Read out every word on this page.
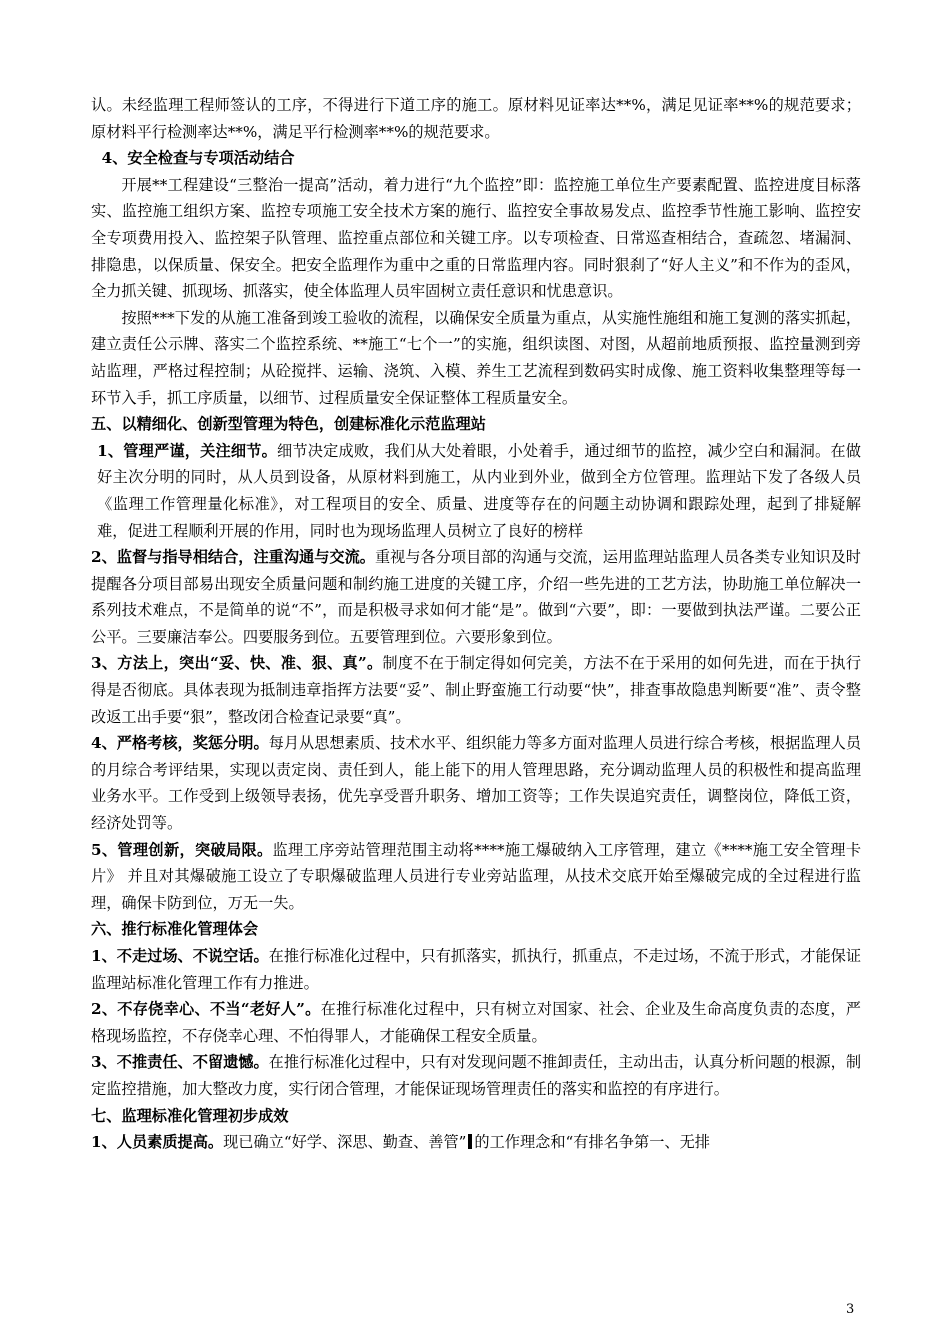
认。未经监理工程师签认的工序，不得进行下道工序的施工。原材料见证率达**%，满足见证率**%的规范要求；原材料平行检测率达**%，满足平行检测率**%的规范要求。

4、安全检查与专项活动结合

开展**工程建设“三整治一提高”活动，着力进行“九个监控”即：监控施工单位生产要素配置、监控进度目标落实、监控施工组织方案、监控专项施工安全技术方案的施行、监控安全事故易发点、监控季节性施工影响、监控安全专项费用投入、监控架子队管理、监控重点部位和关键工序。以专项检查、日常巡查相结合，查疏忽、堵漏洞、排隐患，以保质量、保安全。把安全监理作为重中之重的日常监理内容。同时狠刹了“好人主义”和不作为的歪风，全力抓关键、抓现场、抓落实，使全体监理人员牢固树立责任意识和忧患意识。

按照***下发的从施工准备到竣工验收的流程，以确保安全质量为重点，从实施性施组和施工复测的落实抓起，建立责任公示牌、落实二个监控系统、**施工“七个一”的实施，组织读图、对图，从超前地质预报、监控量测到旁站监理，严格过程控制；从砼搅拌、运输、浇筑、入模、养生工艺流程到数码实时成像、施工资料收集整理等每一环节入手，抓工序质量，以细节、过程质量安全保证整体工程质量安全。

五、以精细化、创新型管理为特色，创建标准化示范监理站

1、管理严谨，关注细节。细节决定成败，我们从大处着眼，小处着手，通过细节的监控，减少空白和漏洞。在做好主次分明的同时，从人员到设备，从原材料到施工，从内业到外业，做到全方位管理。监理站下发了各级人员《监理工作管理量化标准》，对工程项目的安全、质量、进度等存在的问题主动协调和跟踪处理，起到了排疑解难，促进工程顺利开展的作用，同时也为现场监理人员树立了良好的榜样

2、监督与指导相结合，注重沟通与交流。重视与各分项目部的沟通与交流，运用监理站监理人员各类专业知识及时提醒各分项目部易出现安全质量问题和制约施工进度的关键工序，介绍一些先进的工艺方法，协助施工单位解决一系列技术难点，不是简单的说“不”，而是积极寻求如何才能“是”。做到“六要”，即：一要做到执法严谨。二要公正公平。三要廉洁奉公。四要服务到位。五要管理到位。六要形象到位。

3、方法上，突出“妥、快、准、狠、真”。制度不在于制定得如何完美，方法不在于采用的如何先进，而在于执行得是否彻底。具体表现为抵制违章指挥方法要“妥”、制止野蛮施工行动要“快”，排查事故隐患判断要“准”、责令整改返工出手要“狠”，整改闭合检查记录要“真”。

4、严格考核，奖惩分明。每月从思想素质、技术水平、组织能力等多方面对监理人员进行综合考核，根据监理人员的月综合考评结果，实现以责定岗、责任到人，能上能下的用人管理思路，充分调动监理人员的积极性和提高监理业务水平。工作受到上级领导表扬，优先享受晋升职务、增加工资等；工作失误追究责任，调整岗位，降低工资，经济处罚等。

5、管理创新，突破局限。监理工序旁站管理范围主动将****施工爆破纳入工序管理，建立《****施工安全管理卡片》 并且对其爆破施工设立了专职爆破监理人员进行专业旁站监理，从技术交底开始至爆破完成的全过程进行监理，确保卡防到位，万无一失。

六、推行标准化管理体会

1、不走过场、不说空话。在推行标准化过程中，只有抓落实，抓执行，抓重点，不走过场，不流于形式，才能保证监理站标准化管理工作有力推进。

2、不存侥幸心、不当“老好人”。在推行标准化过程中，只有树立对国家、社会、企业及生命高度负责的态度，严格现场监控，不存侥幸心理、不怕得罪人，才能确保工程安全质量。

3、不推责任、不留遗憾。在推行标准化过程中，只有对发现问题不推卸责任，主动出击，认真分析问题的根源，制定监控措施，加大整改力度，实行闭合管理，才能保证现场管理责任的落实和监控的有序进行。

七、监理标准化管理初步成效

1、人员素质提高。现已确立“好学、深思、勤查、善管” 的工作理念和“有排名争第一、无排

3
